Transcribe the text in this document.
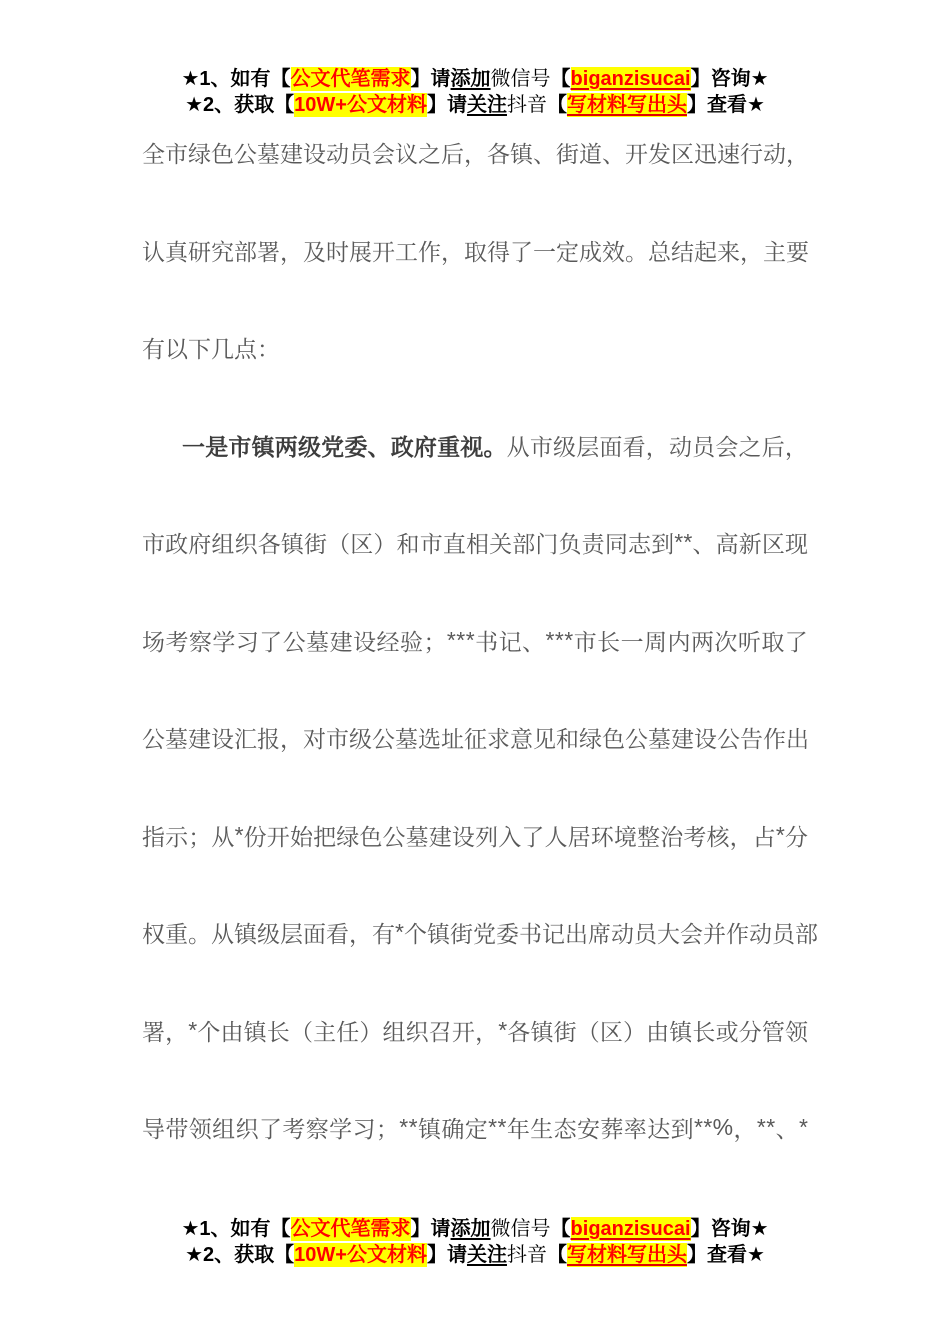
★1、如有【公文代笔需求】请添加微信号【biganzisucai】咨询★
★2、获取【10W+公文材料】请关注抖音【写材料写出头】查看★
全 市 绿 色 公 墓 建 设 动 员 会 议 之 后 ， 各 镇 、 街 道 、 开 发 区 迅 速 行 动 ，
认 真 研 究 部 署 ， 及 时 展 开 工 作 ， 取 得 了 一 定 成 效 。 总 结 起 来 ， 主 要
有以下几点：
一 是 市 镇 两 级 党 委 、 政 府 重 视 。 从 市 级 层 面 看 ， 动 员 会 之 后 ，
市 政 府 组 织 各 镇 街 （ 区 ） 和 市 直 相 关 部 门 负 责 同 志 到 * * 、 高 新 区 现
场 考 察 学 习 了 公 墓 建 设 经 验 ； * * * 书 记 、 * * * 市 长 一 周 内 两 次 听 取 了
公 墓 建 设 汇 报 ， 对 市 级 公 墓 选 址 征 求 意 见 和 绿 色 公 墓 建 设 公 告 作 出
指 示 ； 从 * 份 开 始 把 绿 色 公 墓 建 设 列 入 了 人 居 环 境 整 治 考 核 ， 占 * 分
权 重 。 从 镇 级 层 面 看 ， 有 * 个 镇 街 党 委 书 记 出 席 动 员 大 会 并 作 动 员 部
署 ， * 个 由 镇 长 （ 主 任 ） 组 织 召 开 ， * 各 镇 街 （ 区 ） 由 镇 长 或 分 管 领
导 带 领 组 织 了 考 察 学 习 ； * * 镇 确 定 * * 年 生 态 安 葬 率 达 到 * * % ， * * 、 *
★1、如有【公文代笔需求】请添加微信号【biganzisucai】咨询★
★2、获取【10W+公文材料】请关注抖音【写材料写出头】查看★
